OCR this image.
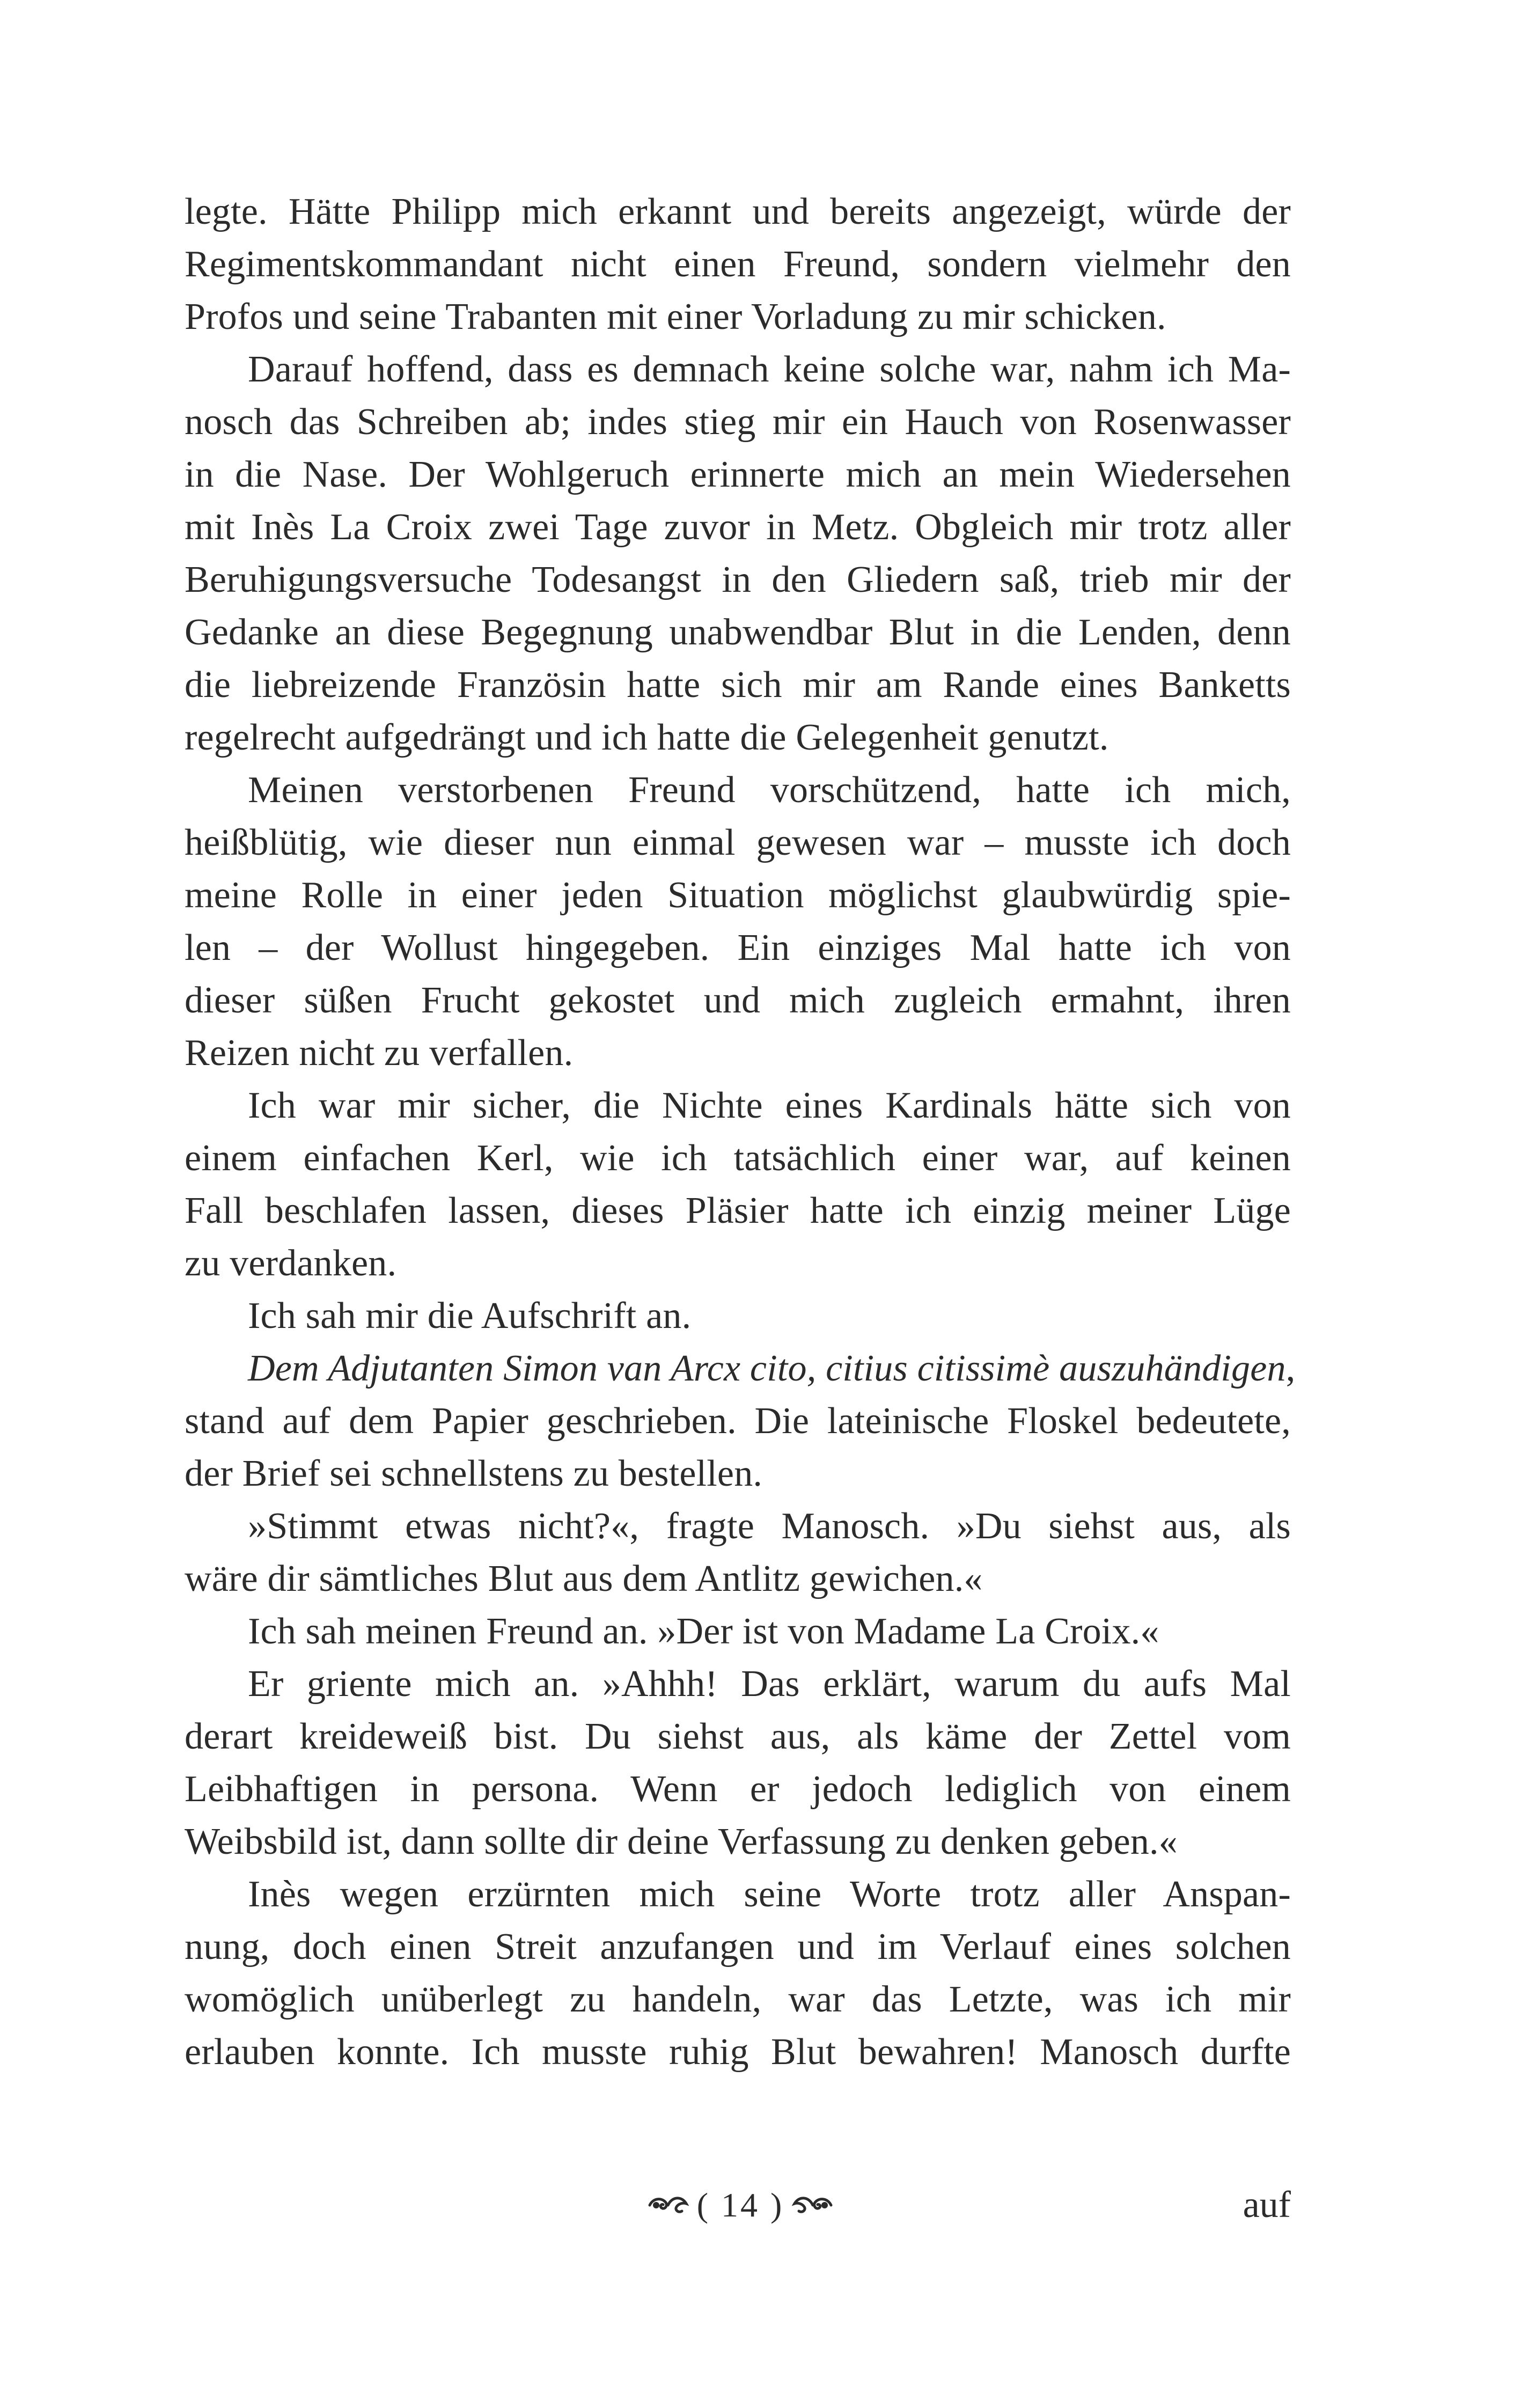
legte. Hätte Philipp mich erkannt und bereits angezeigt, würde der
Regimentskommandant nicht einen Freund, sondern vielmehr den
Profos und seine Trabanten mit einer Vorladung zu mir schicken.
Darauf hoffend, dass es demnach keine solche war, nahm ich Ma-
nosch das Schreiben ab; indes stieg mir ein Hauch von Rosenwasser
in die Nase. Der Wohlgeruch erinnerte mich an mein Wiedersehen
mit Inès La Croix zwei Tage zuvor in Metz. Obgleich mir trotz aller
Beruhigungsversuche Todesangst in den Gliedern saß, trieb mir der
Gedanke an diese Begegnung unabwendbar Blut in die Lenden, denn
die liebreizende Französin hatte sich mir am Rande eines Banketts
regelrecht aufgedrängt und ich hatte die Gelegenheit genutzt.
Meinen verstorbenen Freund vorschützend, hatte ich mich,
heißblütig, wie dieser nun einmal gewesen war – musste ich doch
meine Rolle in einer jeden Situation möglichst glaubwürdig spie-
len – der Wollust hingegeben. Ein einziges Mal hatte ich von
dieser süßen Frucht gekostet und mich zugleich ermahnt, ihren
Reizen nicht zu verfallen.
Ich war mir sicher, die Nichte eines Kardinals hätte sich von
einem einfachen Kerl, wie ich tatsächlich einer war, auf keinen
Fall beschlafen lassen, dieses Pläsier hatte ich einzig meiner Lüge
zu verdanken.
Ich sah mir die Aufschrift an.
Dem Adjutanten Simon van Arcx cito, citius citissimè auszuhändigen,
stand auf dem Papier geschrieben. Die lateinische Floskel bedeutete,
der Brief sei schnellstens zu bestellen.
»Stimmt etwas nicht?«, fragte Manosch. »Du siehst aus, als
wäre dir sämtliches Blut aus dem Antlitz gewichen.«
Ich sah meinen Freund an. »Der ist von Madame La Croix.«
Er griente mich an. »Ahhh! Das erklärt, warum du aufs Mal
derart kreideweiß bist. Du siehst aus, als käme der Zettel vom
Leibhaftigen in persona. Wenn er jedoch lediglich von einem
Weibsbild ist, dann sollte dir deine Verfassung zu denken geben.«
Inès wegen erzürnten mich seine Worte trotz aller Anspan-
nung, doch einen Streit anzufangen und im Verlauf eines solchen
womöglich unüberlegt zu handeln, war das Letzte, was ich mir
erlauben konnte. Ich musste ruhig Blut bewahren! Manosch durfte
( 14 )	auf
